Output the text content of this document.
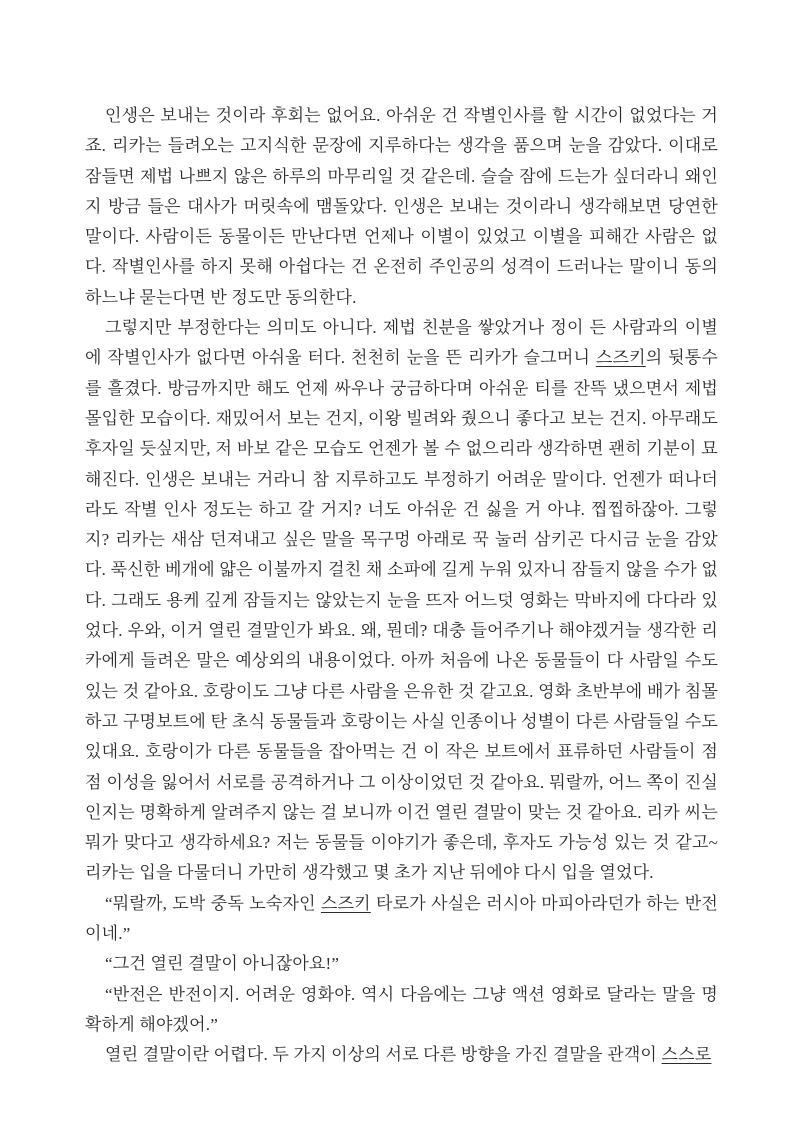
인생은 보내는 것이라 후회는 없어요. 아쉬운 건 작별인사를 할 시간이 없었다는 거죠. 리카는 들려오는 고지식한 문장에 지루하다는 생각을 품으며 눈을 감았다. 이대로 잠들면 제법 나쁘지 않은 하루의 마무리일 것 같은데. 슬슬 잠에 드는가 싶더라니 왜인지 방금 들은 대사가 머릿속에 맴돌았다. 인생은 보내는 것이라니 생각해보면 당연한 말이다. 사람이든 동물이든 만난다면 언제나 이별이 있었고 이별을 피해간 사람은 없다. 작별인사를 하지 못해 아쉽다는 건 온전히 주인공의 성격이 드러나는 말이니 동의하느냐 묻는다면 반 정도만 동의한다.

그렇지만 부정한다는 의미도 아니다. 제법 친분을 쌓았거나 정이 든 사람과의 이별에 작별인사가 없다면 아쉬울 터다. 천천히 눈을 뜬 리카가 슬그머니 스즈키의 뒷통수를 흘겼다. 방금까지만 해도 언제 싸우나 궁금하다며 아쉬운 티를 잔뜩 냈으면서 제법 몰입한 모습이다. 재밌어서 보는 건지, 이왕 빌려와 줬으니 좋다고 보는 건지. 아무래도 후자일 듯싶지만, 저 바보 같은 모습도 언젠가 볼 수 없으리라 생각하면 괜히 기분이 묘해진다. 인생은 보내는 거라니 참 지루하고도 부정하기 어려운 말이다. 언젠가 떠나더라도 작별 인사 정도는 하고 갈 거지? 너도 아쉬운 건 싫을 거 아냐. 찝찝하잖아. 그렇지? 리카는 새삼 던져내고 싶은 말을 목구멍 아래로 꾹 눌러 삼키곤 다시금 눈을 감았다. 푹신한 베개에 얇은 이불까지 걸친 채 소파에 길게 누워 있자니 잠들지 않을 수가 없다. 그래도 용케 깊게 잠들지는 않았는지 눈을 뜨자 어느덧 영화는 막바지에 다다라 있었다. 우와, 이거 열린 결말인가 봐요. 왜, 뭔데? 대충 들어주기나 해야겠거늘 생각한 리카에게 들려온 말은 예상외의 내용이었다. 아까 처음에 나온 동물들이 다 사람일 수도 있는 것 같아요. 호랑이도 그냥 다른 사람을 은유한 것 같고요. 영화 초반부에 배가 침몰하고 구명보트에 탄 초식 동물들과 호랑이는 사실 인종이나 성별이 다른 사람들일 수도 있대요. 호랑이가 다른 동물들을 잡아먹는 건 이 작은 보트에서 표류하던 사람들이 점점 이성을 잃어서 서로를 공격하거나 그 이상이었던 것 같아요. 뭐랄까, 어느 쪽이 진실인지는 명확하게 알려주지 않는 걸 보니까 이건 열린 결말이 맞는 것 같아요. 리카 씨는 뭐가 맞다고 생각하세요? 저는 동물들 이야기가 좋은데, 후자도 가능성 있는 것 같고~ 리카는 입을 다물더니 가만히 생각했고 몇 초가 지난 뒤에야 다시 입을 열었다.

“뭐랄까, 도박 중독 노숙자인 스즈키 타로가 사실은 러시아 마피아라던가 하는 반전이네.”

“그건 열린 결말이 아니잖아요!”

“반전은 반전이지. 어려운 영화야. 역시 다음에는 그냥 액션 영화로 달라는 말을 명확하게 해야겠어.”

열린 결말이란 어렵다. 두 가지 이상의 서로 다른 방향을 가진 결말을 관객이 스스로
